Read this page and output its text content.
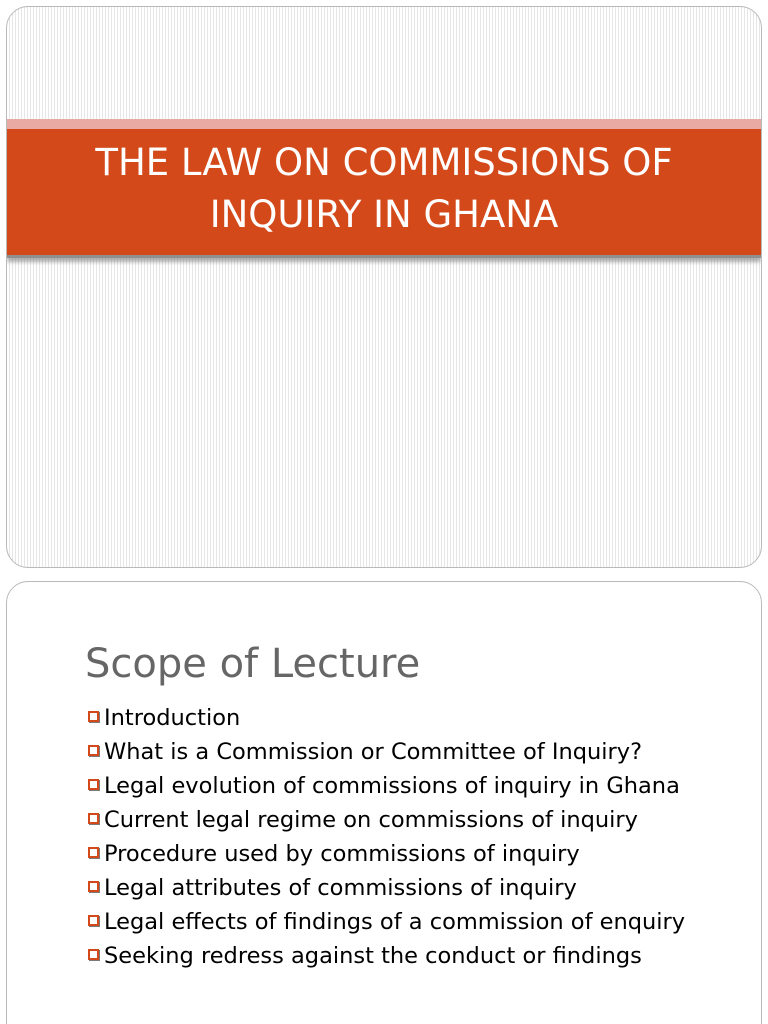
THE LAW ON COMMISSIONS OF
INQUIRY IN GHANA
Scope of Lecture
Introduction
What is a Commission or Committee of Inquiry?
Legal evolution of commissions of inquiry in Ghana
Current legal regime on commissions of inquiry
Procedure used by commissions of inquiry
Legal attributes of commissions of inquiry
Legal effects of findings of a commission of enquiry
Seeking redress against the conduct or findings
